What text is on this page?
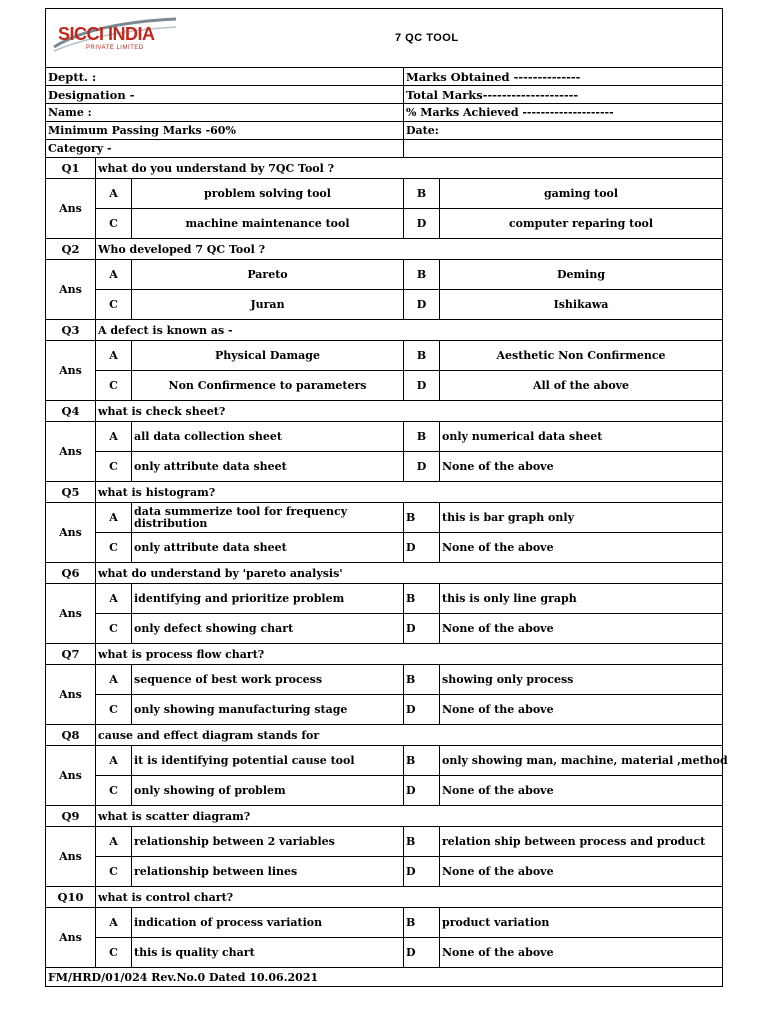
SICCI INDIA
PRIVATE LIMITED		7 QC TOOL		
Deptt. :			Marks Obtained --------------	
Designation -			Total Marks--------------------	
Name :			% Marks Achieved --------------------	
Minimum Passing Marks -60%			Date:	
Category -				
Q1	what do you understand by 7QC Tool ?			
Ans	A	problem solving tool	B	gaming tool
	C	machine maintenance tool	D	computer reparing tool
Q2	Who developed 7 QC Tool ?			
Ans	A	Pareto	B	Deming
	C	Juran	D	Ishikawa
Q3	A defect is known as -			
Ans	A	Physical Damage	B	Aesthetic Non Confirmence
	C	Non Confirmence to parameters	D	All of the above
Q4	what is check sheet?			
Ans	A	all data collection sheet	B	only numerical data sheet
	C	only attribute data sheet	D	None of the above
Q5	what is histogram?			
Ans	A	data summerize tool for frequency distribution	B	this is bar graph only
	C	only attribute data sheet	D	None of the above
Q6	what do understand by 'pareto analysis'			
Ans	A	identifying and prioritize problem	B	this is only line graph
	C	only defect showing chart	D	None of the above
Q7	what is process flow chart?			
Ans	A	sequence of best work process	B	showing only process
	C	only showing manufacturing stage	D	None of the above
Q8	cause and effect diagram stands for			
Ans	A	it is identifying potential cause tool	B	only showing man, machine, material ,method
	C	only showing of problem	D	None of the above
Q9	what is scatter diagram?			
Ans	A	relationship between 2 variables	B	relation ship between process and product
	C	relationship between lines	D	None of the above
Q10	what is control chart?			
Ans	A	indication of process variation	B	product variation
	C	this is quality chart	D	None of the above
FM/HRD/01/024 Rev.No.0 Dated 10.06.2021				
